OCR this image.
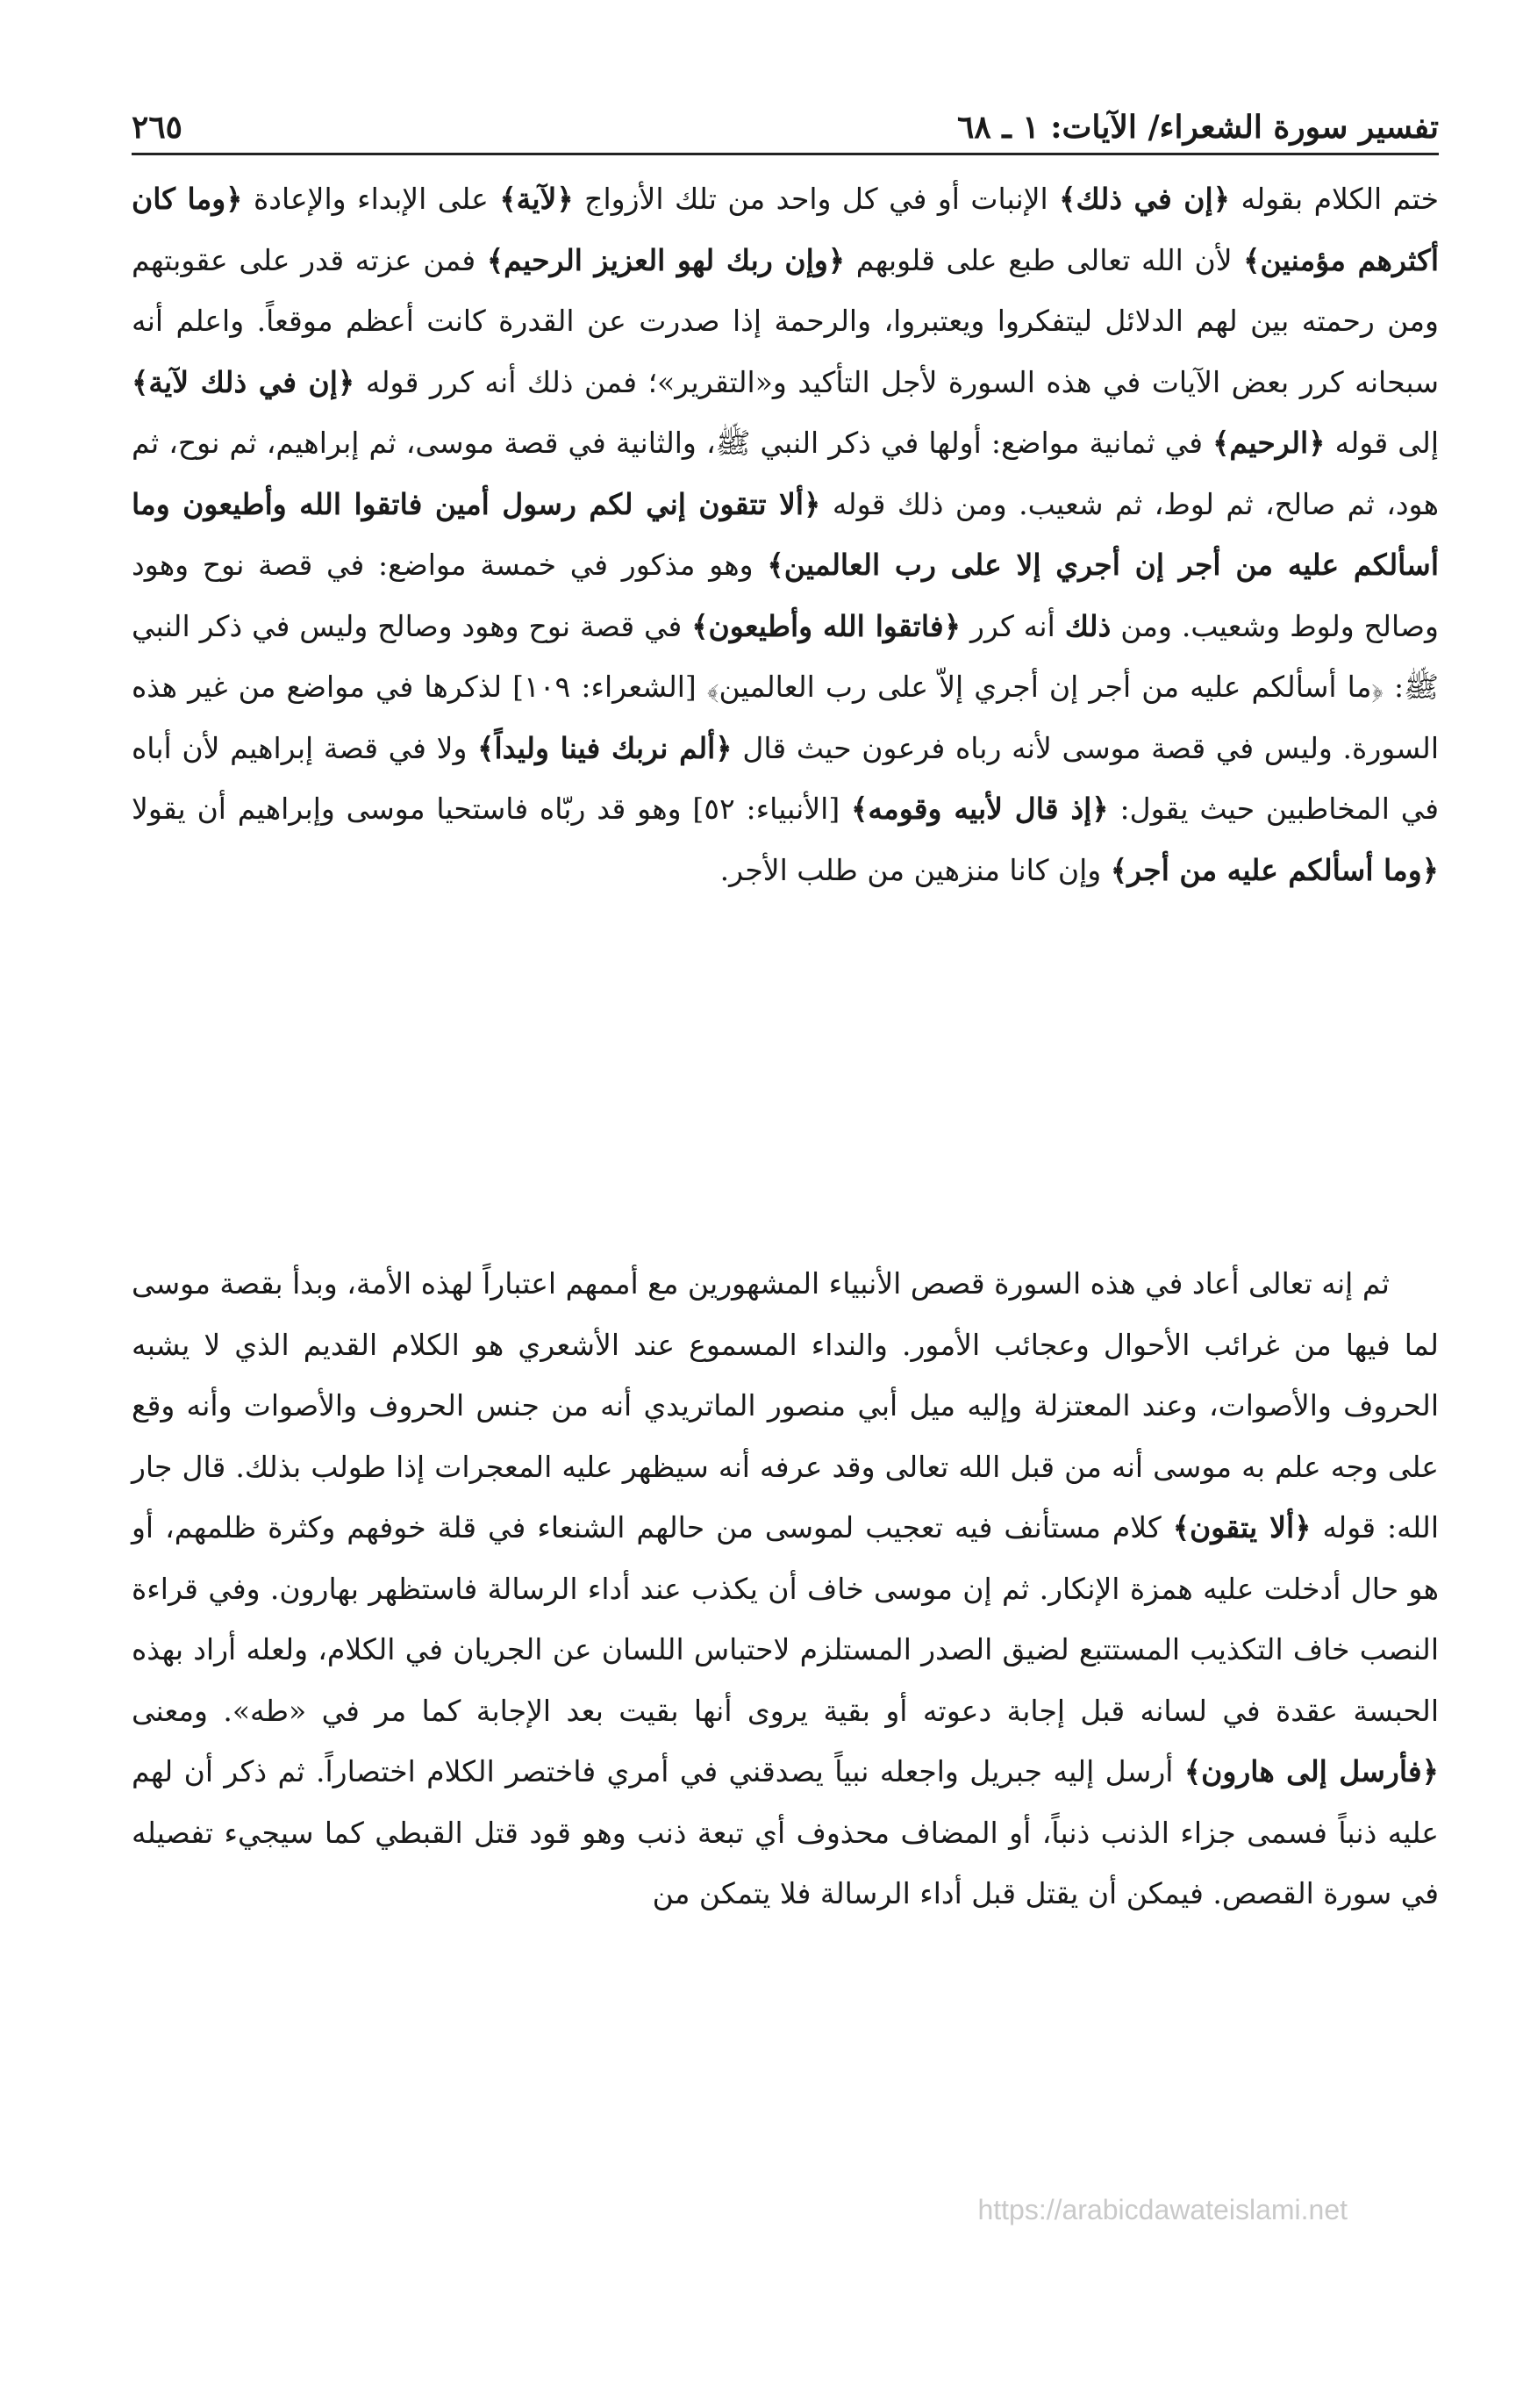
تفسير سورة الشعراء/ الآيات: ١ ـ ٦٨
٢٦٥

ختم الكلام بقوله ﴿إن في ذلك﴾ الإنبات أو في كل واحد من تلك الأزواج ﴿لآية﴾ على الإبداء والإعادة ﴿وما كان أكثرهم مؤمنين﴾ لأن الله تعالى طبع على قلوبهم ﴿وإن ربك لهو العزيز الرحيم﴾ فمن عزته قدر على عقوبتهم ومن رحمته بين لهم الدلائل ليتفكروا ويعتبروا، والرحمة إذا صدرت عن القدرة كانت أعظم موقعاً. واعلم أنه سبحانه كرر بعض الآيات في هذه السورة لأجل التأكيد و«التقرير»؛ فمن ذلك أنه كرر قوله ﴿إن في ذلك لآية﴾ إلى قوله ﴿الرحيم﴾ في ثمانية مواضع: أولها في ذكر النبي ﷺ، والثانية في قصة موسى، ثم إبراهيم، ثم نوح، ثم هود، ثم صالح، ثم لوط، ثم شعيب. ومن ذلك قوله ﴿ألا تتقون إني لكم رسول أمين فاتقوا الله وأطيعون وما أسألكم عليه من أجر إن أجري إلا على رب العالمين﴾ وهو مذكور في خمسة مواضع: في قصة نوح وهود وصالح ولوط وشعيب. ومن ذلك أنه كرر ﴿فاتقوا الله وأطيعون﴾ في قصة نوح وهود وصالح وليس في ذكر النبي ﷺ: ﴿ما أسألكم عليه من أجر إن أجري إلاّ على رب العالمين﴾ [الشعراء: ١٠٩] لذكرها في مواضع من غير هذه السورة. وليس في قصة موسى لأنه رباه فرعون حيث قال ﴿ألم نربك فينا وليداً﴾ ولا في قصة إبراهيم لأن أباه في المخاطبين حيث يقول: ﴿إذ قال لأبيه وقومه﴾ [الأنبياء: ٥٢] وهو قد ربّاه فاستحيا موسى وإبراهيم أن يقولا ﴿وما أسألكم عليه من أجر﴾ وإن كانا منزهين من طلب الأجر.

ثم إنه تعالى أعاد في هذه السورة قصص الأنبياء المشهورين مع أممهم اعتباراً لهذه الأمة، وبدأ بقصة موسى لما فيها من غرائب الأحوال وعجائب الأمور. والنداء المسموع عند الأشعري هو الكلام القديم الذي لا يشبه الحروف والأصوات، وعند المعتزلة وإليه ميل أبي منصور الماتريدي أنه من جنس الحروف والأصوات وأنه وقع على وجه علم به موسى أنه من قبل الله تعالى وقد عرفه أنه سيظهر عليه المعجرات إذا طولب بذلك. قال جار الله: قوله ﴿ألا يتقون﴾ كلام مستأنف فيه تعجيب لموسى من حالهم الشنعاء في قلة خوفهم وكثرة ظلمهم، أو هو حال أدخلت عليه همزة الإنكار. ثم إن موسى خاف أن يكذب عند أداء الرسالة فاستظهر بهارون. وفي قراءة النصب خاف التكذيب المستتبع لضيق الصدر المستلزم لاحتباس اللسان عن الجريان في الكلام، ولعله أراد بهذه الحبسة عقدة في لسانه قبل إجابة دعوته أو بقية يروى أنها بقيت بعد الإجابة كما مر في «طه». ومعنى ﴿فأرسل إلى هارون﴾ أرسل إليه جبريل واجعله نبياً يصدقني في أمري فاختصر الكلام اختصاراً. ثم ذكر أن لهم عليه ذنباً فسمى جزاء الذنب ذنباً، أو المضاف محذوف أي تبعة ذنب وهو قود قتل القبطي كما سيجيء تفصيله في سورة القصص. فيمكن أن يقتل قبل أداء الرسالة فلا يتمكن من

https://arabicdawateislami.net
